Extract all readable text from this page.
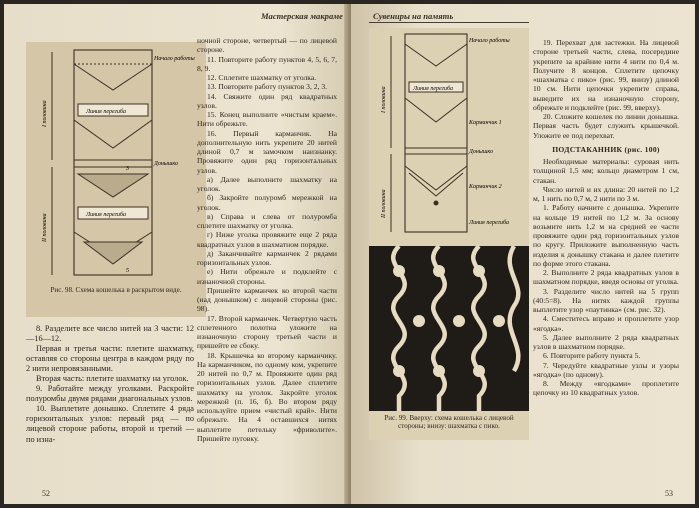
Начало работы
Линия перегиба
Донышко
Линия перегиба
I половина
II половина
3
5
Рис. 98. Схема кошелька в раскрытом виде.

8. Разделите все число нитей на 3 части: 12—16—12.

Первая и третья части: плетите шахматку, оставляя со стороны центра в каждом ряду по 2 нити непровязанными.

Вторая часть: плетите шахматку на уголок.

9. Работайте между уголками. Раскройте полуромбы двумя рядами диагональных узлов.

10. Выплетите донышко. Сплетите 4 ряда горизонтальных узлов: первый ряд — по лицевой стороне работы, второй и третий — по изна-

ночной стороне, четвертый — по лицевой стороне.

11. Повторите работу пунктов 4, 5, 6, 7, 8, 9.

12. Сплетите шахматку от уголка.

13. Повторите работу пунктов 3, 2, 3.

14. Свяжите один ряд квадратных узлов.

15. Конец выполните «чистым краем». Нити обрежьте.

16. Первый карманчик. На дополнительную нить укрепите 20 нитей длиной 0,7 м замочком наизнанку. Провяжите один ряд горизонтальных узлов.

а) Далее выполните шахматку на уголок.

б) Закройте полуромб мережкой на уголок.

в) Справа и слева от полуромба сплетите шахматку от уголка.

г) Ниже уголка провяжите еще 2 ряда квадратных узлов в шахматном порядке.

д) Заканчивайте карманчек 2 рядами горизонтальных узлов.

е) Нити обрежьте и подклейте с изнаночной стороны.

Пришейте карманчек ко второй части (над донышком) с лицевой стороны (рис. 98).

17. Второй карманчек. Четвертую часть сплетенного полотна уложите на изнаночную сторону третьей части и пришейте ее сбоку.

18. Крышечка ко второму карманчику. На карманчиком, по одному ком, укрепите 20 нитей по 0,7 м. Провяжите один ряд горизонтальных узлов. Далее сплетите шахматку на уголок. Закройте уголок мережкой (п. 16, б). Во втором ряду используйте прием «чистый край». Нити обрежьте. На 4 оставшихся нитях выплетите петельку «фриволите». Пришейте пуговку.

52
Мастерская макраме	Сувениры на память
Начало работы
Линия перегиба
Карманчик 1
Донышко
Карманчик 2
Линия перегиба
I половина
II половина
Рис. 99. Вверху: схема кошелька с лицевой стороны; внизу: шахматка с пико.

19. Перехват для застежки. На лицевой стороне третьей части, слева, посередине укрепите за крайние нити 4 нити по 0,4 м. Получите 8 концов. Сплетите цепочку «шахматка с пико» (рис. 99, внизу) длиной 10 см. Нити цепочки укрепите справа, выведите их на изнаночную сторону, обрежьте и подклейте (рис. 99, вверху).

20. Сложите кошелек по линии донышка. Первая часть будет служить крышечкой. Уложите ее под перехват.

ПОДСТАКАННИК (рис. 100)

Необходимые материалы: суровая нить толщиной 1,5 мм; кольцо диаметром 1 см, стакан.

Число нитей и их длина: 20 нитей по 1,2 м, 1 нить по 0,7 м, 2 нити по 3 м.

1. Работу начните с донышка. Укрепите на кольце 19 нитей по 1,2 м. За основу возьмите нить 1,2 м на средней ее части провяжите один ряд горизонтальных узлов по кругу. Приложите выполненную часть изделия к донышку стакана и далее плетите по форме этого стакана.

2. Выполните 2 ряда квадратных узлов в шахматном порядке, введя основы от уголка.

3. Разделите число нитей на 5 групп (40:5=8). На нитях каждой группы выплетите узор «паутинка» (см. рис. 32).

4. Сместитесь вправо и проплетите узор «ягодка».

5. Далее выполните 2 ряда квадратных узлов в шахматном порядке.

6. Повторите работу пункта 5.

7. Чередуйте квадратные узлы и узоры «ягодка» (по одному).

8. Между «ягодками» проплетите цепочку из 10 квадратных узлов.

53
